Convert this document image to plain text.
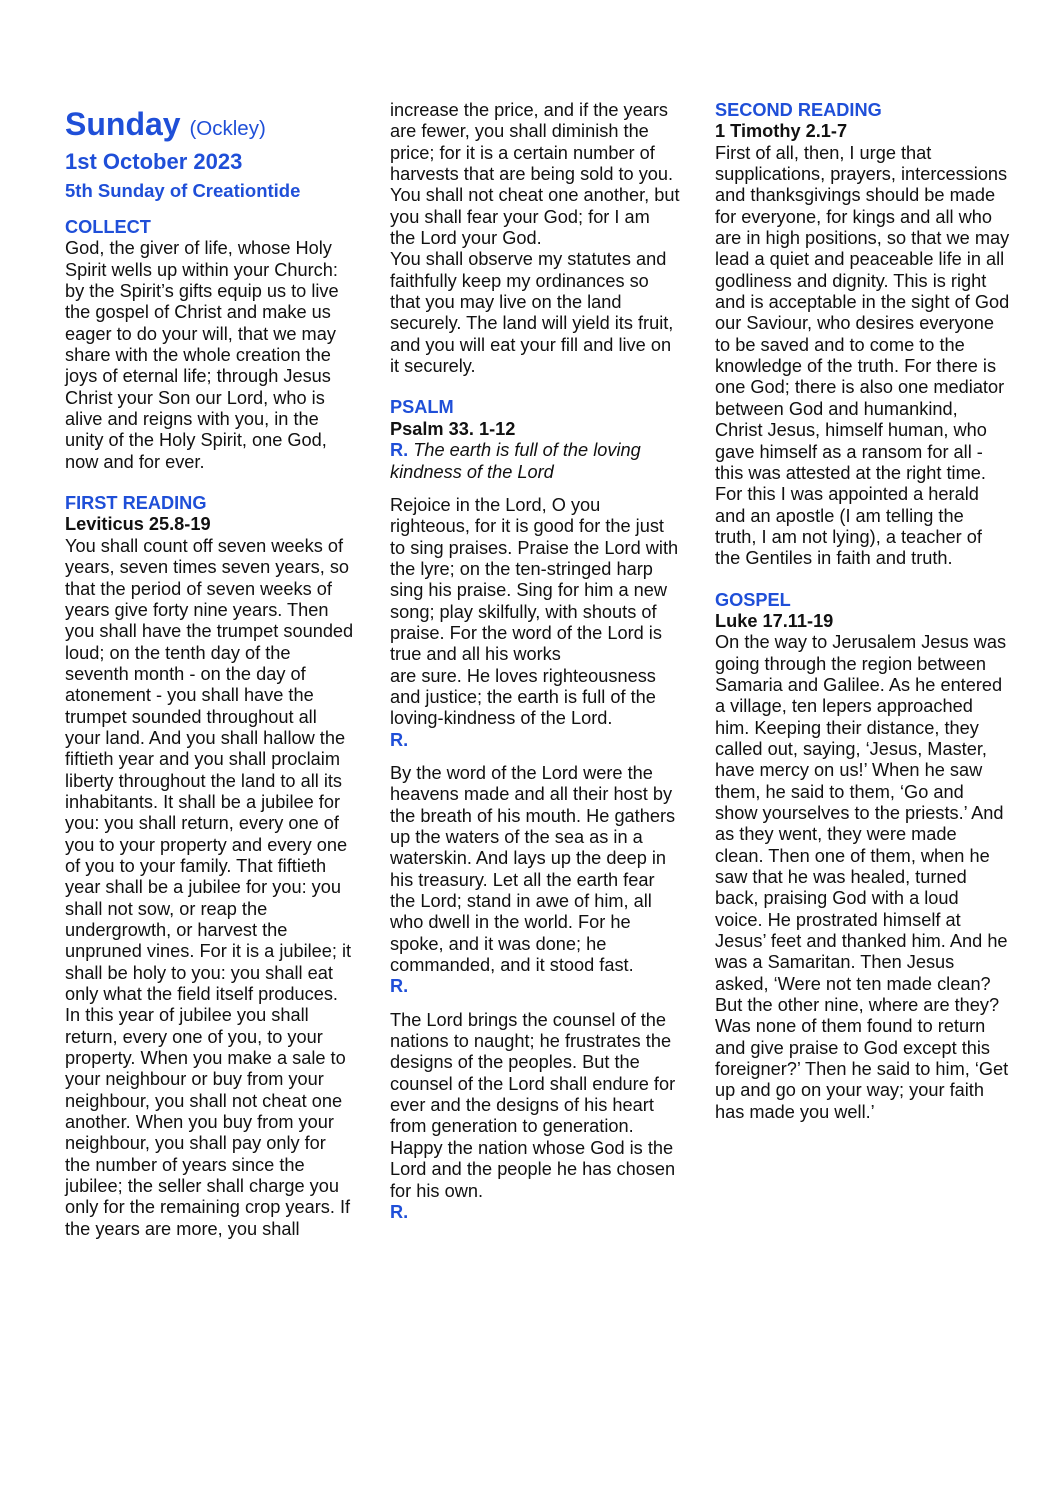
Sunday (Ockley)
1st October 2023
5th Sunday of Creationtide
COLLECT

God, the giver of life, whose Holy Spirit wells up within your Church: by the Spirit’s gifts equip us to live the gospel of Christ and make us eager to do your will, that we may share with the whole creation the joys of eternal life; through Jesus Christ your Son our Lord, who is alive and reigns with you, in the unity of the Holy Spirit, one God, now and for ever.

FIRST READING
Leviticus 25.8-19

You shall count off seven weeks of years, seven times seven years, so that the period of seven weeks of years give forty nine years. Then you shall have the trumpet sounded loud; on the tenth day of the seventh month - on the day of atonement - you shall have the trumpet sounded throughout all your land. And you shall hallow the fiftieth year and you shall proclaim liberty throughout the land to all its inhabitants. It shall be a jubilee for you: you shall return, every one of you to your property and every one of you to your family. That fiftieth year shall be a jubilee for you: you shall not sow, or reap the undergrowth, or harvest the unpruned vines. For it is a jubilee; it shall be holy to you: you shall eat only what the field itself produces. In this year of jubilee you shall return, every one of you, to your property. When you make a sale to your neighbour or buy from your neighbour, you shall not cheat one another. When you buy from your neighbour, you shall pay only for the number of years since the jubilee; the seller shall charge you only for the remaining crop years. If the years are more, you shall

increase the price, and if the years are fewer, you shall diminish the price; for it is a certain number of harvests that are being sold to you. You shall not cheat one another, but you shall fear your God; for I am the Lord your God.

You shall observe my statutes and faithfully keep my ordinances so that you may live on the land securely. The land will yield its fruit, and you will eat your fill and live on it securely.

PSALM
Psalm 33. 1-12

R. The earth is full of the loving kindness of the Lord

Rejoice in the Lord, O you righteous, for it is good for the just to sing praises. Praise the Lord with the lyre; on the ten-stringed harp sing his praise. Sing for him a new song; play skilfully, with shouts of praise. For the word of the Lord is true and all his works

are sure. He loves righteousness and justice; the earth is full of the loving-kindness of the Lord.

R.

By the word of the Lord were the heavens made and all their host by the breath of his mouth. He gathers up the waters of the sea as in a waterskin. And lays up the deep in his treasury. Let all the earth fear the Lord; stand in awe of him, all who dwell in the world. For he spoke, and it was done; he commanded, and it stood fast.

R.

The Lord brings the counsel of the nations to naught; he frustrates the designs of the peoples. But the counsel of the Lord shall endure for ever and the designs of his heart from generation to generation. Happy the nation whose God is the Lord and the people he has chosen for his own.

R.
SECOND READING
1 Timothy 2.1-7

First of all, then, I urge that supplications, prayers, intercessions and thanksgivings should be made for everyone, for kings and all who are in high positions, so that we may lead a quiet and peaceable life in all godliness and dignity. This is right and is acceptable in the sight of God our Saviour, who desires everyone to be saved and to come to the knowledge of the truth. For there is one God; there is also one mediator between God and humankind, Christ Jesus, himself human, who gave himself as a ransom for all - this was attested at the right time. For this I was appointed a herald and an apostle (I am telling the truth, I am not lying), a teacher of the Gentiles in faith and truth.

GOSPEL
Luke 17.11-19

On the way to Jerusalem Jesus was going through the region between Samaria and Galilee. As he entered a village, ten lepers approached him. Keeping their distance, they called out, saying, ‘Jesus, Master, have mercy on us!’ When he saw them, he said to them, ‘Go and show yourselves to the priests.’ And as they went, they were made clean. Then one of them, when he saw that he was healed, turned back, praising God with a loud voice. He prostrated himself at Jesus’ feet and thanked him. And he was a Samaritan. Then Jesus asked, ‘Were not ten made clean? But the other nine, where are they? Was none of them found to return and give praise to God except this foreigner?’ Then he said to him, ‘Get up and go on your way; your faith has made you well.’
